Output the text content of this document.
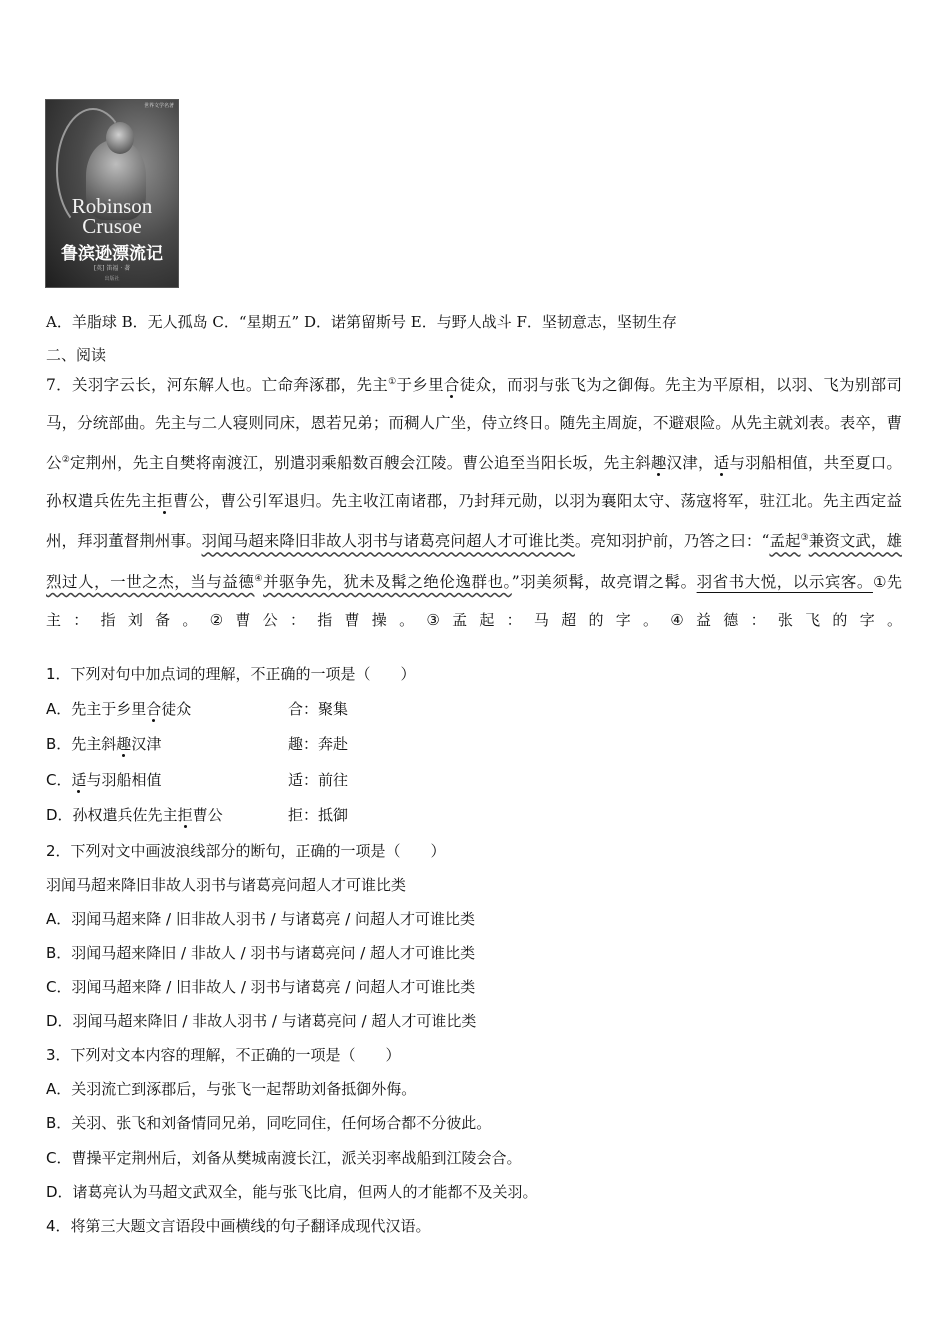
世界文学名著
Robinson
Crusoe
鲁滨逊漂流记
[英] 笛福 · 著
出版社
A．羊脂球 B．无人孤岛 C．“星期五” D．诺第留斯号 E．与野人战斗 F．坚韧意志，坚韧生存
二、阅读
7．关羽字云长，河东解人也。亡命奔涿郡，先主①于乡里合徒众，而羽与张飞为之御侮。先主为平原相，以羽、飞为别部司马，分统部曲。先主与二人寝则同床，恩若兄弟；而稠人广坐，侍立终日。随先主周旋，不避艰险。从先主就刘表。表卒，曹公②定荆州，先主自樊将南渡江，别遣羽乘船数百艘会江陵。曹公追至当阳长坂，先主斜趣汉津，适与羽船相值，共至夏口。孙权遣兵佐先主拒曹公，曹公引军退归。先主收江南诸郡，乃封拜元勋，以羽为襄阳太守、荡寇将军，驻江北。先主西定益州，拜羽董督荆州事。羽闻马超来降旧非故人羽书与诸葛亮问超人才可谁比类。亮知羽护前，乃答之曰：“孟起③兼资文武，雄烈过人，一世之杰，当与益德④并驱争先，犹未及髯之绝伦逸群也。”羽美须髯，故亮谓之髯。羽省书大悦，以示宾客。①先主：指刘备。②曹公：指曹操。③孟起：马超的字。④益德：张飞的字。
1．下列对句中加点词的理解，不正确的一项是（　　）
A．先主于乡里合徒众	合：聚集
B．先主斜趣汉津	趣：奔赴
C．适与羽船相值	适：前往
D．孙权遣兵佐先主拒曹公	拒：抵御
2．下列对文中画波浪线部分的断句，正确的一项是（　　）
羽闻马超来降旧非故人羽书与诸葛亮问超人才可谁比类
A．羽闻马超来降 / 旧非故人羽书 / 与诸葛亮 / 问超人才可谁比类
B．羽闻马超来降旧 / 非故人 / 羽书与诸葛亮问 / 超人才可谁比类
C．羽闻马超来降 / 旧非故人 / 羽书与诸葛亮 / 问超人才可谁比类
D．羽闻马超来降旧 / 非故人羽书 / 与诸葛亮问 / 超人才可谁比类
3．下列对文本内容的理解，不正确的一项是（　　）
A．关羽流亡到涿郡后，与张飞一起帮助刘备抵御外侮。
B．关羽、张飞和刘备情同兄弟，同吃同住，任何场合都不分彼此。
C．曹操平定荆州后，刘备从樊城南渡长江，派关羽率战船到江陵会合。
D．诸葛亮认为马超文武双全，能与张飞比肩，但两人的才能都不及关羽。
4．将第三大题文言语段中画横线的句子翻译成现代汉语。
